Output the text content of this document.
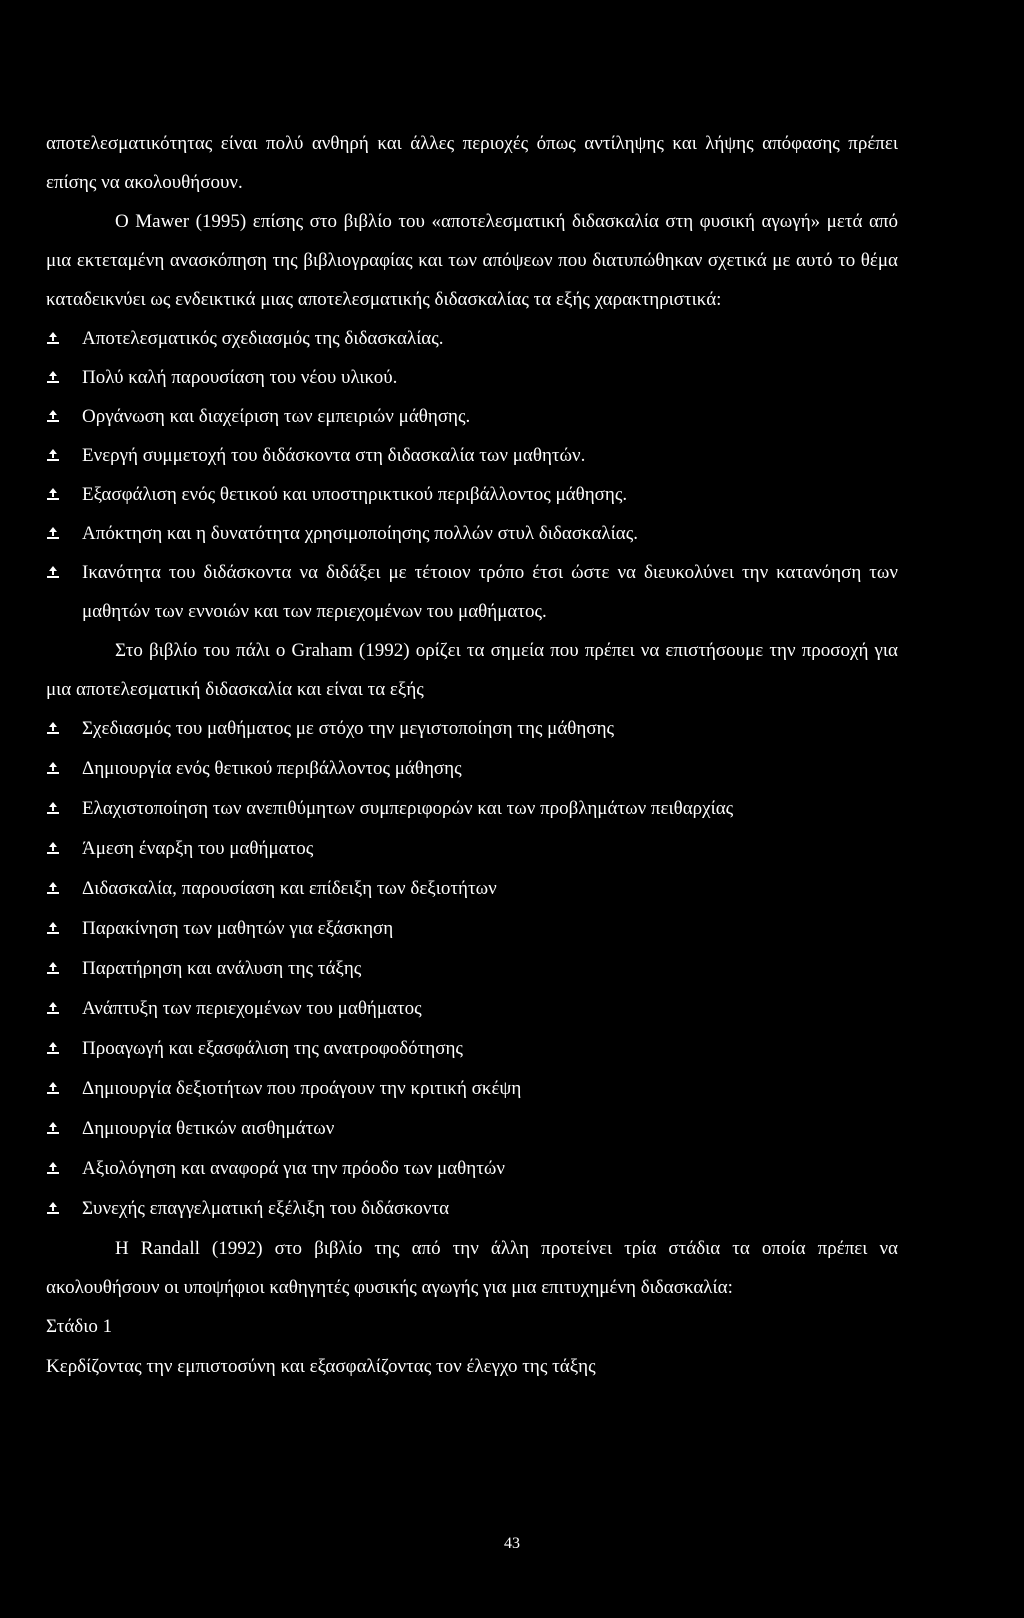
αποτελεσματικότητας είναι πολύ ανθηρή και άλλες περιοχές όπως αντίληψης και λήψης απόφασης πρέπει επίσης να ακολουθήσουν.

Ο Mawer (1995) επίσης στο βιβλίο του «αποτελεσματική διδασκαλία στη φυσική αγωγή» μετά από μια εκτεταμένη ανασκόπηση της βιβλιογραφίας και των απόψεων που διατυπώθηκαν σχετικά με αυτό το θέμα καταδεικνύει ως ενδεικτικά μιας αποτελεσματικής διδασκαλίας τα εξής χαρακτηριστικά:

Αποτελεσματικός σχεδιασμός της διδασκαλίας.
Πολύ καλή παρουσίαση του νέου υλικού.
Οργάνωση και διαχείριση των εμπειριών μάθησης.
Ενεργή συμμετοχή του διδάσκοντα στη διδασκαλία των μαθητών.
Εξασφάλιση ενός θετικού και υποστηρικτικού περιβάλλοντος μάθησης.
Απόκτηση και η δυνατότητα χρησιμοποίησης πολλών στυλ διδασκαλίας.
Ικανότητα του διδάσκοντα να διδάξει με τέτοιον τρόπο έτσι ώστε να διευκολύνει την κατανόηση των μαθητών των εννοιών και των περιεχομένων του μαθήματος.

Στο βιβλίο του πάλι ο Graham (1992) ορίζει τα σημεία που πρέπει να επιστήσουμε την προσοχή για μια αποτελεσματική διδασκαλία και είναι τα εξής

Σχεδιασμός του μαθήματος με στόχο την μεγιστοποίηση της μάθησης
Δημιουργία ενός θετικού περιβάλλοντος μάθησης
Ελαχιστοποίηση των ανεπιθύμητων συμπεριφορών και των προβλημάτων πειθαρχίας
Άμεση έναρξη του μαθήματος
Διδασκαλία, παρουσίαση και επίδειξη των δεξιοτήτων
Παρακίνηση των μαθητών για εξάσκηση
Παρατήρηση και ανάλυση της τάξης
Ανάπτυξη των περιεχομένων του μαθήματος
Προαγωγή και εξασφάλιση της ανατροφοδότησης
Δημιουργία δεξιοτήτων που προάγουν την κριτική σκέψη
Δημιουργία θετικών αισθημάτων
Αξιολόγηση και αναφορά για την πρόοδο των μαθητών
Συνεχής επαγγελματική εξέλιξη του διδάσκοντα

Η Randall (1992) στο βιβλίο της από την άλλη προτείνει τρία στάδια τα οποία πρέπει να ακολουθήσουν οι υποψήφιοι καθηγητές φυσικής αγωγής για μια επιτυχημένη διδασκαλία:

Στάδιο 1

Κερδίζοντας την εμπιστοσύνη και εξασφαλίζοντας τον έλεγχο της τάξης

43
